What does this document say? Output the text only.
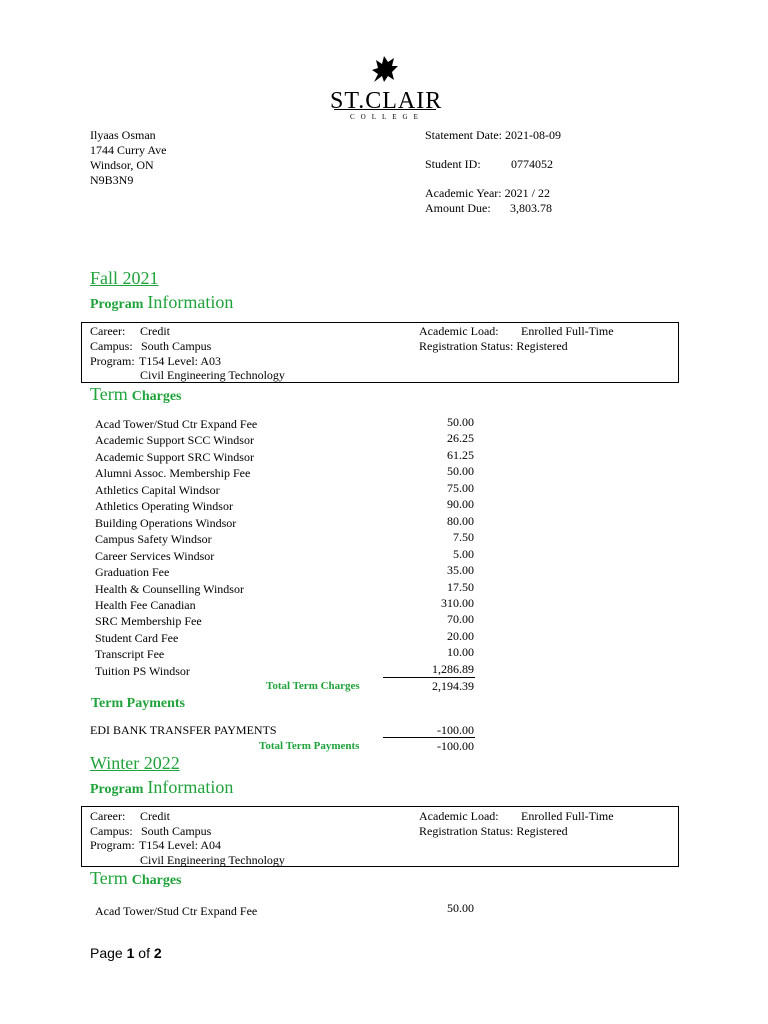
ST.CLAIR
COLLEGE
Ilyaas Osman
1744 Curry Ave
Windsor, ON
N9B3N9
Statement Date: 2021-08-09
Student ID:	0774052
Academic Year: 2021 / 22
Amount Due: 3,803.78
Fall 2021
Program Information
Career: Credit
Campus: South Campus
Program: T154 Level: A03
Civil Engineering Technology
Academic Load: Enrolled Full-Time
Registration Status: Registered
Term Charges
Acad Tower/Stud Ctr Expand Fee	50.00
Academic Support SCC Windsor	26.25
Academic Support SRC Windsor	61.25
Alumni Assoc. Membership Fee	50.00
Athletics Capital Windsor	75.00
Athletics Operating Windsor	90.00
Building Operations Windsor	80.00
Campus Safety Windsor	7.50
Career Services Windsor	5.00
Graduation Fee	35.00
Health & Counselling Windsor	17.50
Health Fee Canadian	310.00
SRC Membership Fee	70.00
Student Card Fee	20.00
Transcript Fee	10.00
Tuition PS Windsor	1,286.89
Total Term Charges	2,194.39
Term Payments
EDI BANK TRANSFER PAYMENTS	-100.00
Total Term Payments	-100.00
Winter 2022
Program Information
Career: Credit
Campus: South Campus
Program: T154 Level: A04
Civil Engineering Technology
Academic Load: Enrolled Full-Time
Registration Status: Registered
Term Charges
Acad Tower/Stud Ctr Expand Fee	50.00
Page 1 of 2
